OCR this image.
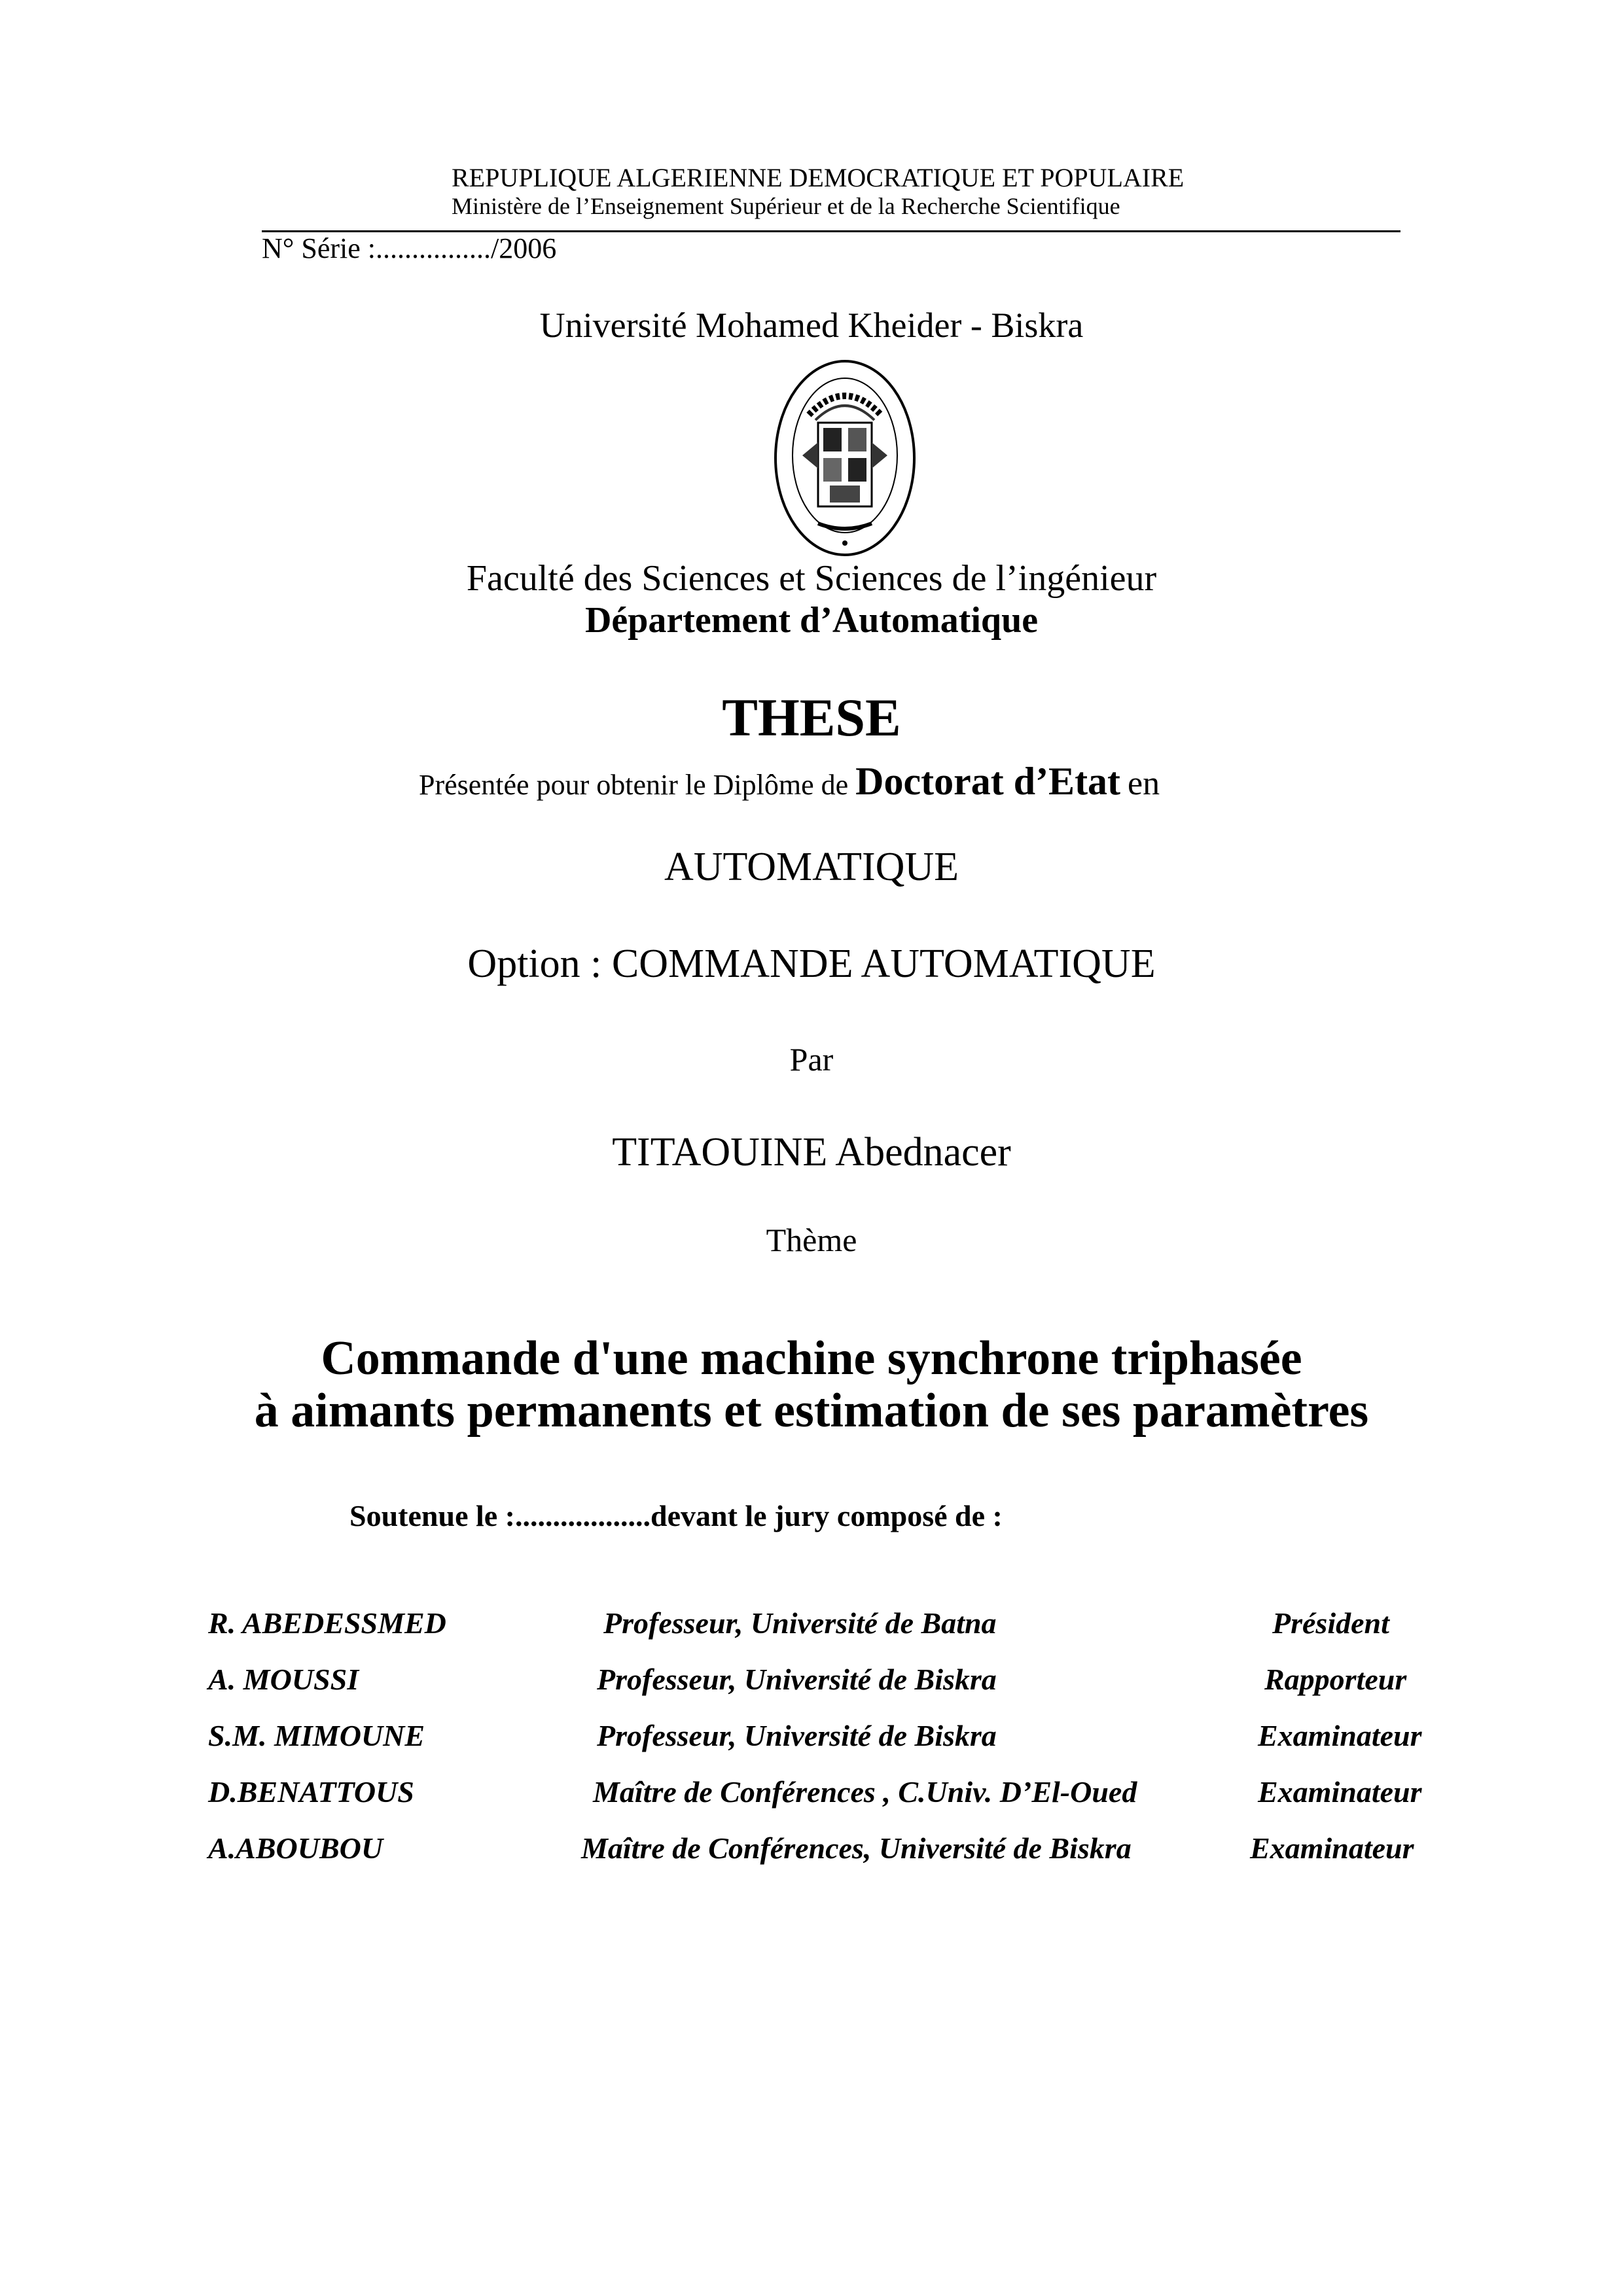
REPUPLIQUE ALGERIENNE DEMOCRATIQUE ET POPULAIRE
Ministère de l’Enseignement Supérieur et de la Recherche Scientifique
N° Série :................/2006
Université Mohamed Kheider - Biskra
Faculté des Sciences et Sciences de l’ingénieur
Département d’Automatique
THESE
Présentée pour obtenir le Diplôme de Doctorat d’Etat en
AUTOMATIQUE
Option : COMMANDE AUTOMATIQUE
Par
TITAOUINE Abednacer
Thème
Commande d'une machine synchrone triphasée
à aimants permanents et estimation de ses paramètres
Soutenue le :..................devant le jury composé de :
R. ABEDESSMED	Professeur, Université de Batna	Président
A. MOUSSI	Professeur, Université de Biskra	Rapporteur
S.M. MIMOUNE	Professeur, Université de Biskra	Examinateur
D.BENATTOUS	Maître de Conférences , C.Univ. D’El-Oued	Examinateur
A.ABOUBOU	Maître de Conférences, Université de Biskra	Examinateur
